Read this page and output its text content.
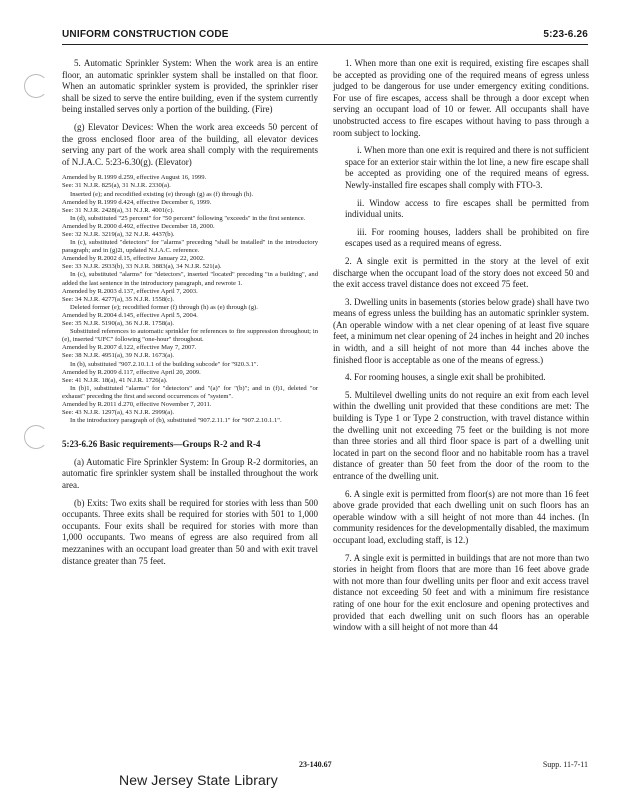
UNIFORM CONSTRUCTION CODE	5:23-6.26

5. Automatic Sprinkler System: When the work area is an entire floor, an automatic sprinkler system shall be installed on that floor. When an automatic sprinkler system is provided, the sprinkler riser shall be sized to serve the entire building, even if the system currently being installed serves only a portion of the building. (Fire)

(g) Elevator Devices: When the work area exceeds 50 percent of the gross enclosed floor area of the building, all elevator devices serving any part of the work area shall comply with the requirements of N.J.A.C. 5:23-6.30(g). (Elevator)

Amended by R.1999 d.259, effective August 16, 1999.

See: 31 N.J.R. 825(a), 31 N.J.R. 2330(a).

Inserted (e); and recodified existing (e) through (g) as (f) through (h).

Amended by R.1999 d.424, effective December 6, 1999.

See: 31 N.J.R. 2428(a), 31 N.J.R. 4001(c).

In (d), substituted "25 percent" for "50 percent" following "exceeds" in the first sentence.

Amended by R.2000 d.492, effective December 18, 2000.

See: 32 N.J.R. 3219(a), 32 N.J.R. 4437(b).

In (c), substituted "detectors" for "alarms" preceding "shall be installed" in the introductory paragraph; and in (g)2i, updated N.J.A.C. reference.

Amended by R.2002 d.15, effective January 22, 2002.

See: 33 N.J.R. 2933(b), 33 N.J.R. 3883(a), 34 N.J.R. 521(a).

In (c), substituted "alarms" for "detectors", inserted "located" preceding "in a building", and added the last sentence in the introductory paragraph, and rewrote 1.

Amended by R.2003 d.137, effective April 7, 2003.

See: 34 N.J.R. 4277(a), 35 N.J.R. 1558(c).

Deleted former (e); recodified former (f) through (h) as (e) through (g).

Amended by R.2004 d.145, effective April 5, 2004.

See: 35 N.J.R. 5190(a), 36 N.J.R. 1758(a).

Substituted references to automatic sprinkler for references to fire suppression throughout; in (e), inserted "UFC" following "one-hour" throughout.

Amended by R.2007 d.122, effective May 7, 2007.

See: 38 N.J.R. 4951(a), 39 N.J.R. 1673(a).

In (b), substituted "907.2.10.1.1 of the building subcode" for "920.3.1".

Amended by R.2009 d.117, effective April 20, 2009.

See: 41 N.J.R. 18(a), 41 N.J.R. 1726(a).

In (b)1, substituted "alarms" for "detectors" and "(a)" for "(b)"; and in (f)1, deleted "or exhaust" preceding the first and second occurrences of "system".

Amended by R.2011 d.270, effective November 7, 2011.

See: 43 N.J.R. 1297(a), 43 N.J.R. 2999(a).

In the introductory paragraph of (b), substituted "907.2.11.1" for "907.2.10.1.1".

5:23-6.26 Basic requirements—Groups R-2 and R-4

(a) Automatic Fire Sprinkler System: In Group R-2 dormitories, an automatic fire sprinkler system shall be installed throughout the work area.

(b) Exits: Two exits shall be required for stories with less than 500 occupants. Three exits shall be required for stories with 501 to 1,000 occupants. Four exits shall be required for stories with more than 1,000 occupants. Two means of egress are also required from all mezzanines with an occupant load greater than 50 and with exit travel distance greater than 75 feet.

1. When more than one exit is required, existing fire escapes shall be accepted as providing one of the required means of egress unless judged to be dangerous for use under emergency exiting conditions. For use of fire escapes, access shall be through a door except when serving an occupant load of 10 or fewer. All occupants shall have unobstructed access to fire escapes without having to pass through a room subject to locking.

i. When more than one exit is required and there is not sufficient space for an exterior stair within the lot line, a new fire escape shall be accepted as providing one of the required means of egress. Newly-installed fire escapes shall comply with FTO-3.

ii. Window access to fire escapes shall be permitted from individual units.

iii. For rooming houses, ladders shall be prohibited on fire escapes used as a required means of egress.

2. A single exit is permitted in the story at the level of exit discharge when the occupant load of the story does not exceed 50 and the exit access travel distance does not exceed 75 feet.

3. Dwelling units in basements (stories below grade) shall have two means of egress unless the building has an automatic sprinkler system. (An operable window with a net clear opening of at least five square feet, a minimum net clear opening of 24 inches in height and 20 inches in width, and a sill height of not more than 44 inches above the finished floor is acceptable as one of the means of egress.)

4. For rooming houses, a single exit shall be prohibited.

5. Multilevel dwelling units do not require an exit from each level within the dwelling unit provided that these conditions are met: The building is Type 1 or Type 2 construction, with travel distance within the dwelling unit not exceeding 75 feet or the building is not more than three stories and all third floor space is part of a dwelling unit located in part on the second floor and no habitable room has a travel distance of greater than 50 feet from the door of the room to the entrance of the dwelling unit.

6. A single exit is permitted from floor(s) are not more than 16 feet above grade provided that each dwelling unit on such floors has an operable window with a sill height of not more than 44 inches. (In community residences for the developmentally disabled, the maximum occupant load, excluding staff, is 12.)

7. A single exit is permitted in buildings that are not more than two stories in height from floors that are more than 16 feet above grade with not more than four dwelling units per floor and exit access travel distance not exceeding 50 feet and with a minimum fire resistance rating of one hour for the exit enclosure and opening protectives and provided that each dwelling unit on such floors has an operable window with a sill height of not more than 44

23-140.67	Supp. 11-7-11
New Jersey State Library
